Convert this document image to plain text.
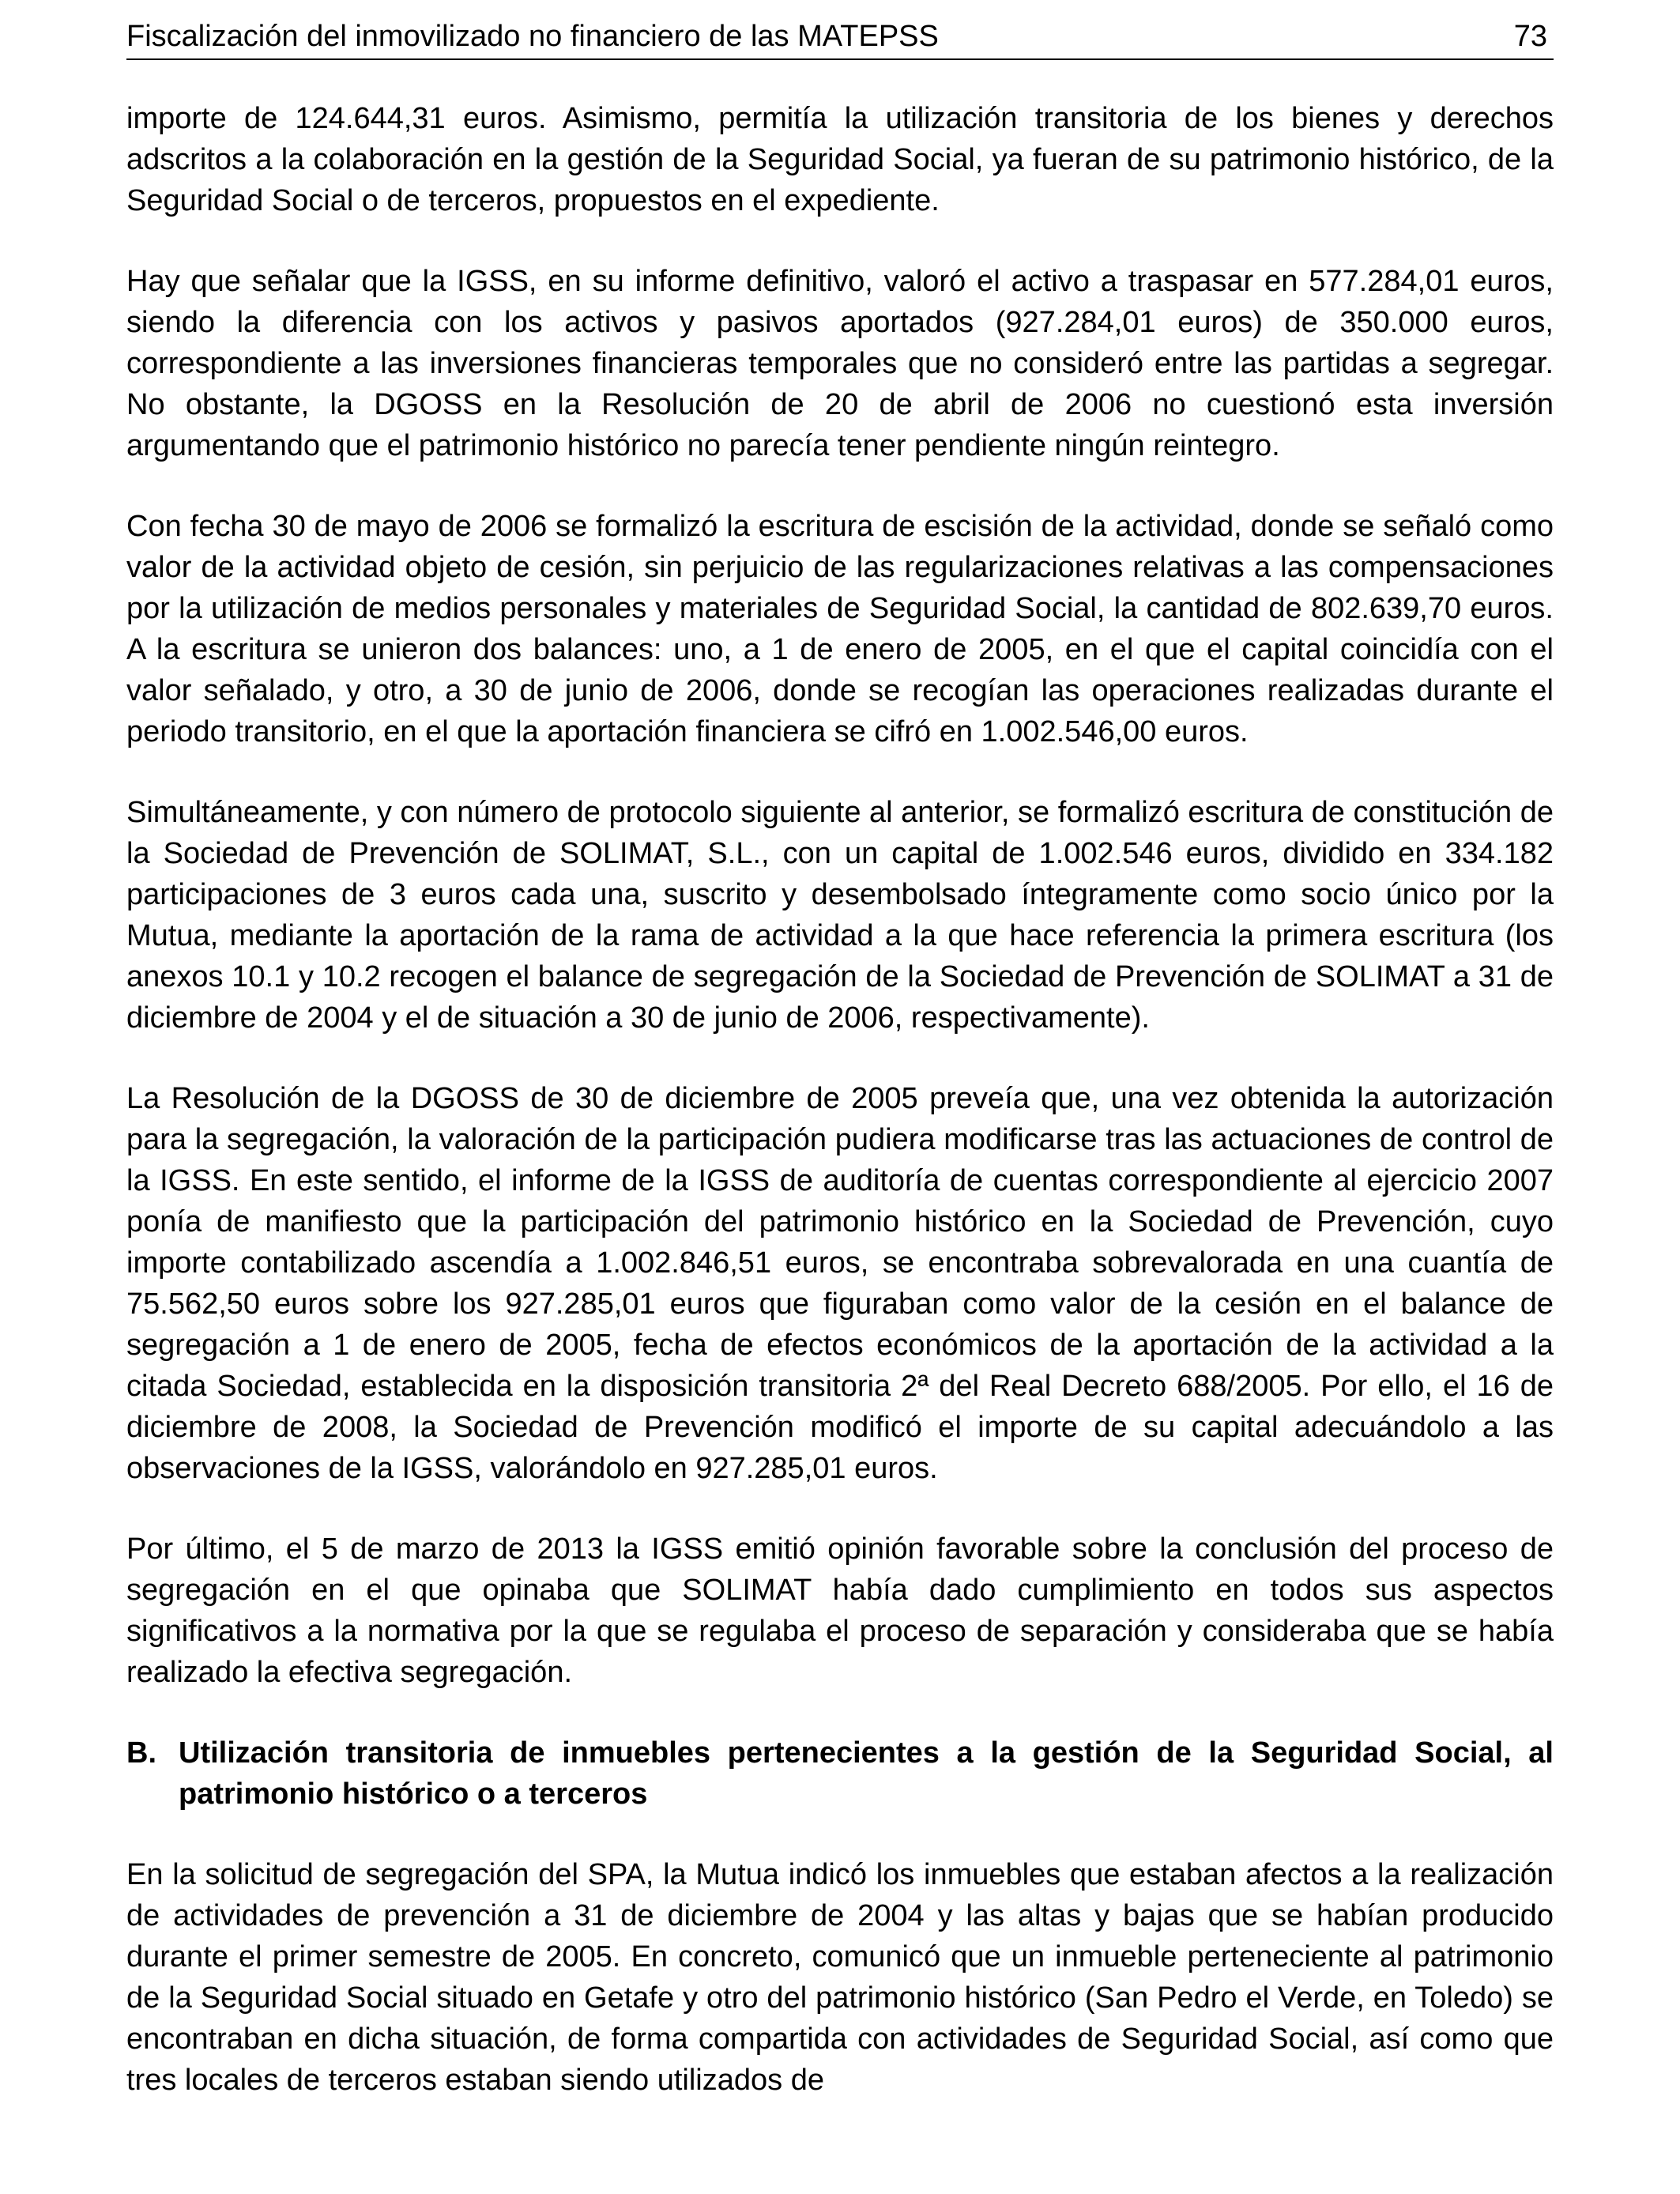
Fiscalización del inmovilizado no financiero de las MATEPSS	73

importe de 124.644,31 euros. Asimismo, permitía la utilización transitoria de los bienes y derechos adscritos a la colaboración en la gestión de la Seguridad Social, ya fueran de su patrimonio histórico, de la Seguridad Social o de terceros, propuestos en el expediente.

Hay que señalar que la IGSS, en su informe definitivo, valoró el activo a traspasar en 577.284,01 euros, siendo la diferencia con los activos y pasivos aportados (927.284,01 euros) de 350.000 euros, correspondiente a las inversiones financieras temporales que no consideró entre las partidas a segregar. No obstante, la DGOSS en la Resolución de 20 de abril de 2006 no cuestionó esta inversión argumentando que el patrimonio histórico no parecía tener pendiente ningún reintegro.

Con fecha 30 de mayo de 2006 se formalizó la escritura de escisión de la actividad, donde se señaló como valor de la actividad objeto de cesión, sin perjuicio de las regularizaciones relativas a las compensaciones por la utilización de medios personales y materiales de Seguridad Social, la cantidad de 802.639,70 euros. A la escritura se unieron dos balances: uno, a 1 de enero de 2005, en el que el capital coincidía con el valor señalado, y otro, a 30 de junio de 2006, donde se recogían las operaciones realizadas durante el periodo transitorio, en el que la aportación financiera se cifró en 1.002.546,00 euros.

Simultáneamente, y con número de protocolo siguiente al anterior, se formalizó escritura de constitución de la Sociedad de Prevención de SOLIMAT, S.L., con un capital de 1.002.546 euros, dividido en 334.182 participaciones de 3 euros cada una, suscrito y desembolsado íntegramente como socio único por la Mutua, mediante la aportación de la rama de actividad a la que hace referencia la primera escritura (los anexos 10.1 y 10.2 recogen el balance de segregación de la Sociedad de Prevención de SOLIMAT a 31 de diciembre de 2004 y el de situación a 30 de junio de 2006, respectivamente).

La Resolución de la DGOSS de 30 de diciembre de 2005 preveía que, una vez obtenida la autorización para la segregación, la valoración de la participación pudiera modificarse tras las actuaciones de control de la IGSS. En este sentido, el informe de la IGSS de auditoría de cuentas correspondiente al ejercicio 2007 ponía de manifiesto que la participación del patrimonio histórico en la Sociedad de Prevención, cuyo importe contabilizado ascendía a 1.002.846,51 euros, se encontraba sobrevalorada en una cuantía de 75.562,50 euros sobre los 927.285,01 euros que figuraban como valor de la cesión en el balance de segregación a 1 de enero de 2005, fecha de efectos económicos de la aportación de la actividad a la citada Sociedad, establecida en la disposición transitoria 2ª del Real Decreto 688/2005. Por ello, el 16 de diciembre de 2008, la Sociedad de Prevención modificó el importe de su capital adecuándolo a las observaciones de la IGSS, valorándolo en 927.285,01 euros.

Por último, el 5 de marzo de 2013 la IGSS emitió opinión favorable sobre la conclusión del proceso de segregación en el que opinaba que SOLIMAT había dado cumplimiento en todos sus aspectos significativos a la normativa por la que se regulaba el proceso de separación y consideraba que se había realizado la efectiva segregación.

B. Utilización transitoria de inmuebles pertenecientes a la gestión de la Seguridad Social, al patrimonio histórico o a terceros

En la solicitud de segregación del SPA, la Mutua indicó los inmuebles que estaban afectos a la realización de actividades de prevención a 31 de diciembre de 2004 y las altas y bajas que se habían producido durante el primer semestre de 2005. En concreto, comunicó que un inmueble perteneciente al patrimonio de la Seguridad Social situado en Getafe y otro del patrimonio histórico (San Pedro el Verde, en Toledo) se encontraban en dicha situación, de forma compartida con actividades de Seguridad Social, así como que tres locales de terceros estaban siendo utilizados de
